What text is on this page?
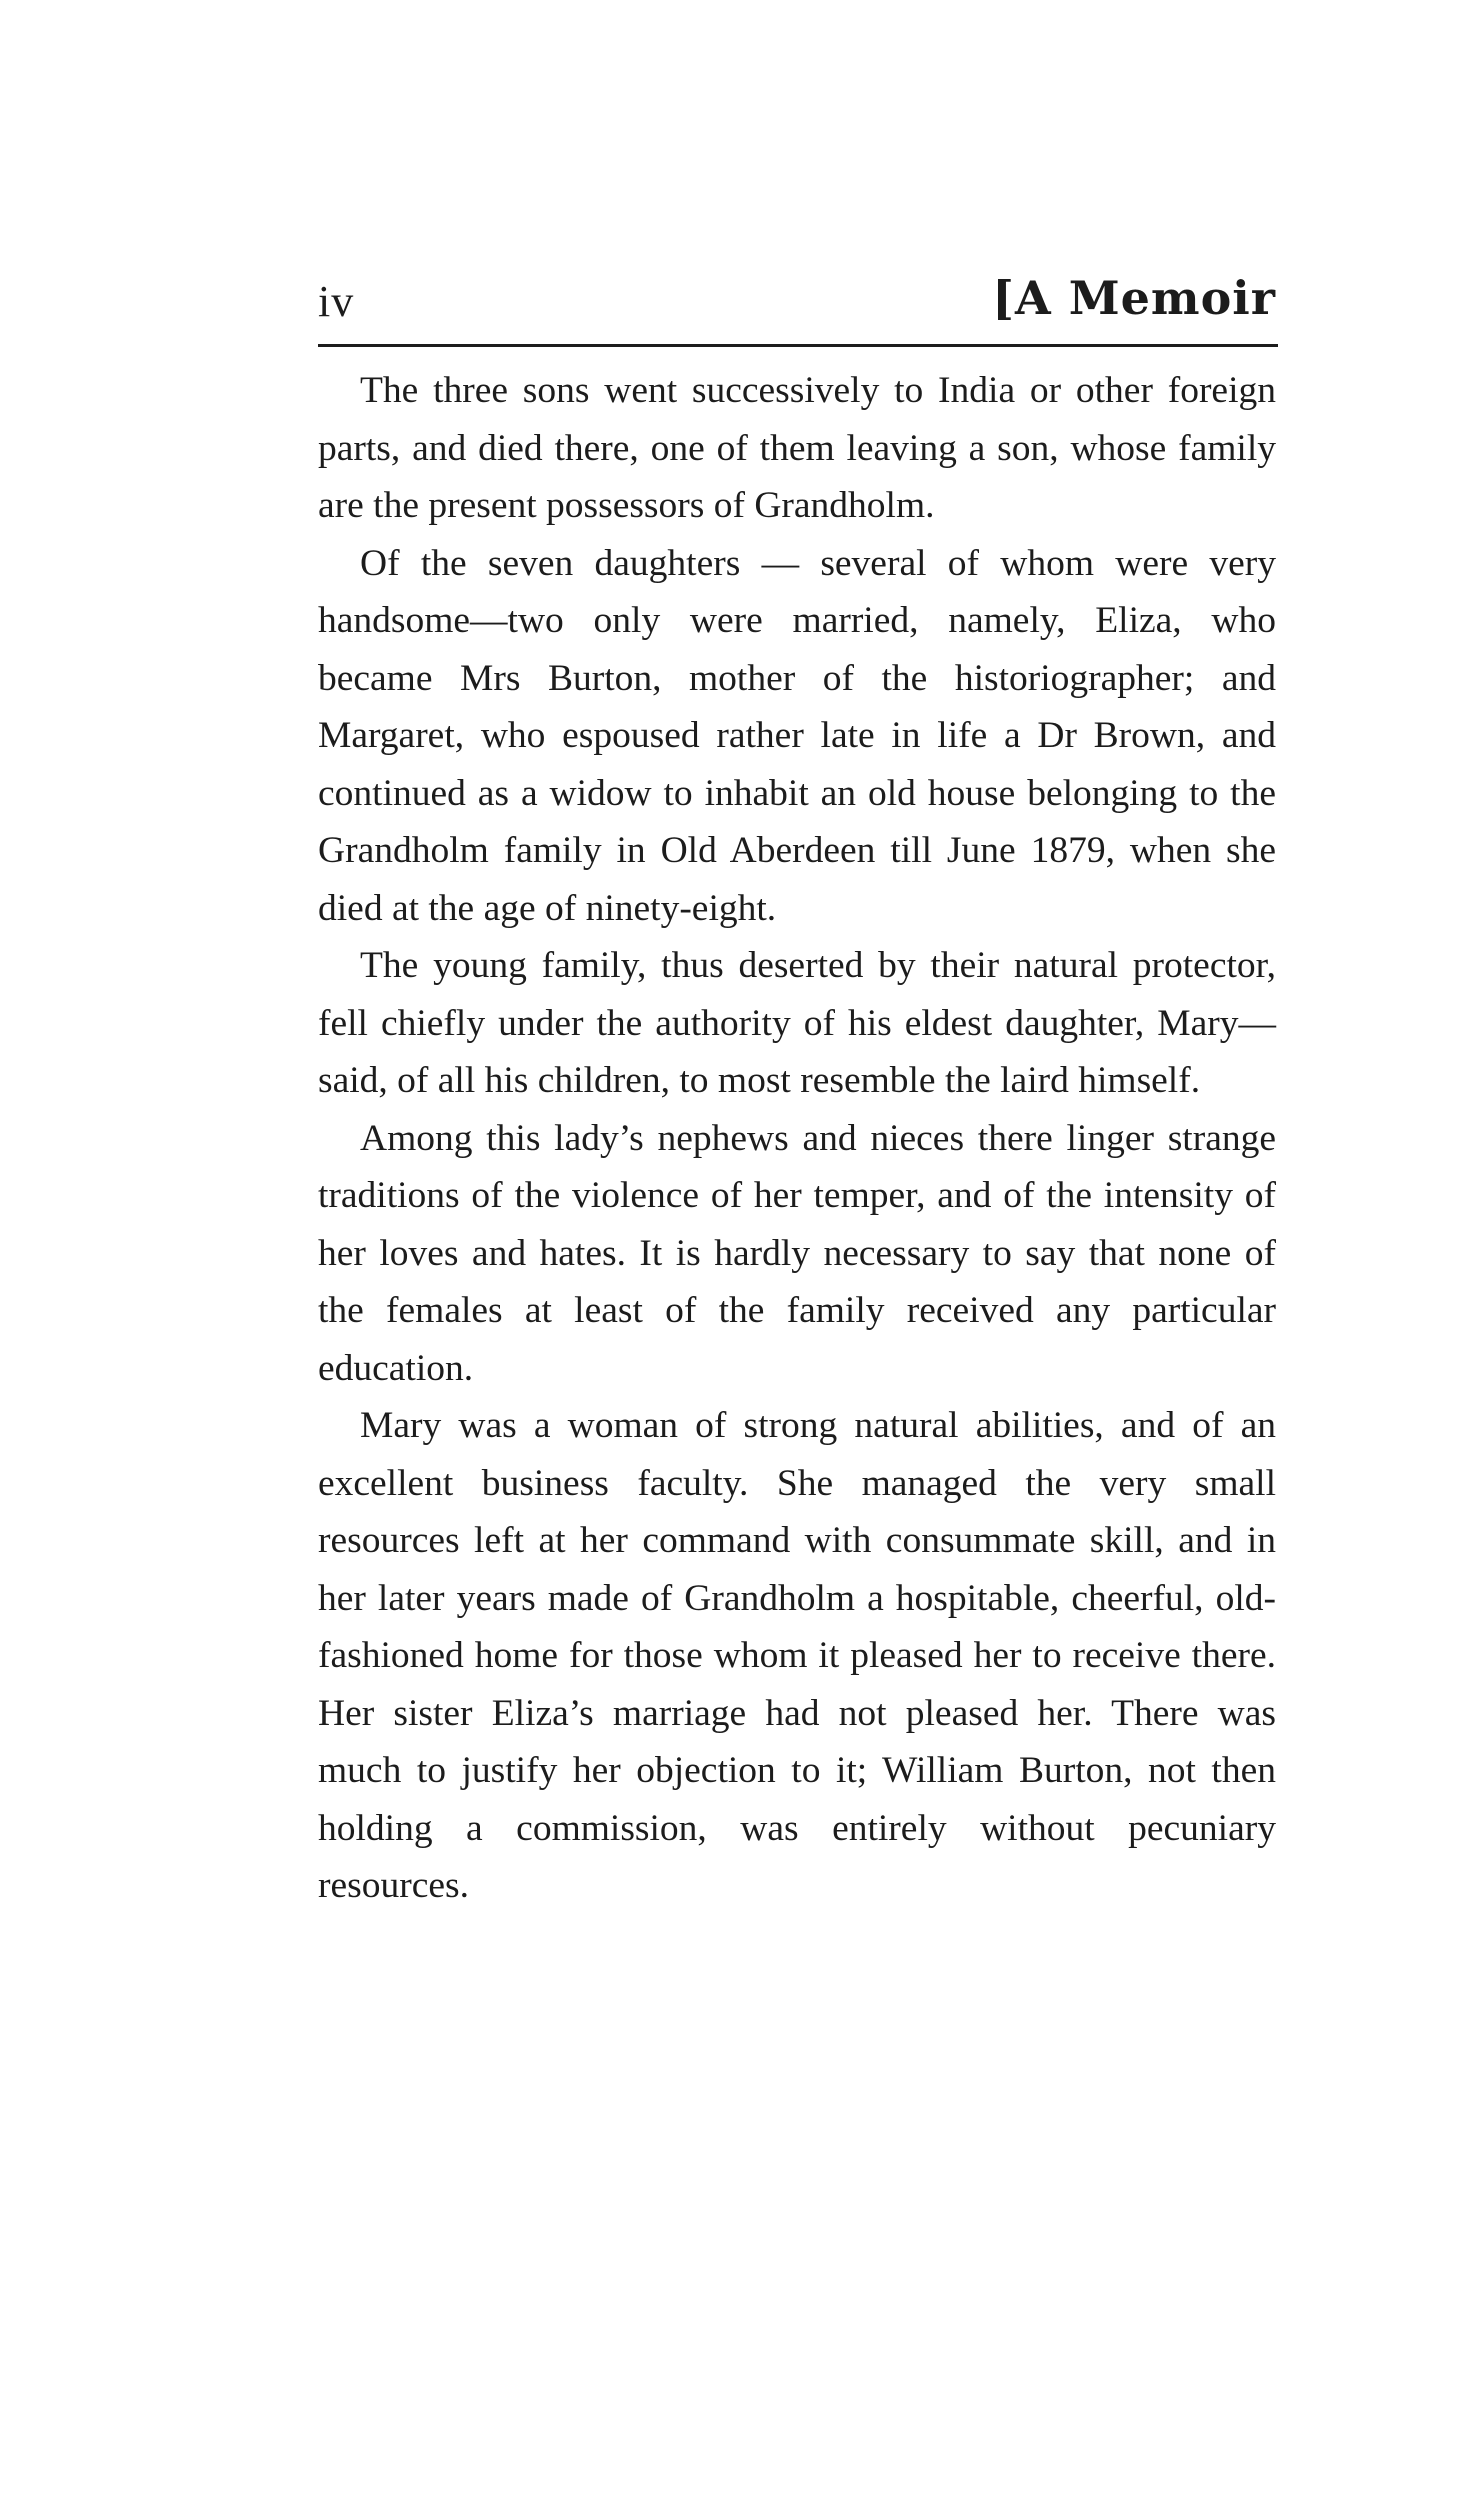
iv	[A Memoir

The three sons went successively to India or other foreign parts, and died there, one of them leaving a son, whose family are the present possessors of Grandholm.

Of the seven daughters — several of whom were very handsome—two only were married, namely, Eliza, who became Mrs Burton, mother of the historiographer; and Margaret, who espoused rather late in life a Dr Brown, and continued as a widow to inhabit an old house belonging to the Grandholm family in Old Aberdeen till June 1879, when she died at the age of ninety-eight.

The young family, thus deserted by their natural protector, fell chiefly under the authority of his eldest daughter, Mary—said, of all his children, to most resemble the laird himself.

Among this lady’s nephews and nieces there linger strange traditions of the violence of her temper, and of the intensity of her loves and hates. It is hardly necessary to say that none of the females at least of the family received any particular education.

Mary was a woman of strong natural abilities, and of an excellent business faculty. She managed the very small resources left at her command with consummate skill, and in her later years made of Grandholm a hospitable, cheerful, old-fashioned home for those whom it pleased her to receive there. Her sister Eliza’s marriage had not pleased her. There was much to justify her objection to it; William Burton, not then holding a commission, was entirely without pecuniary resources.
